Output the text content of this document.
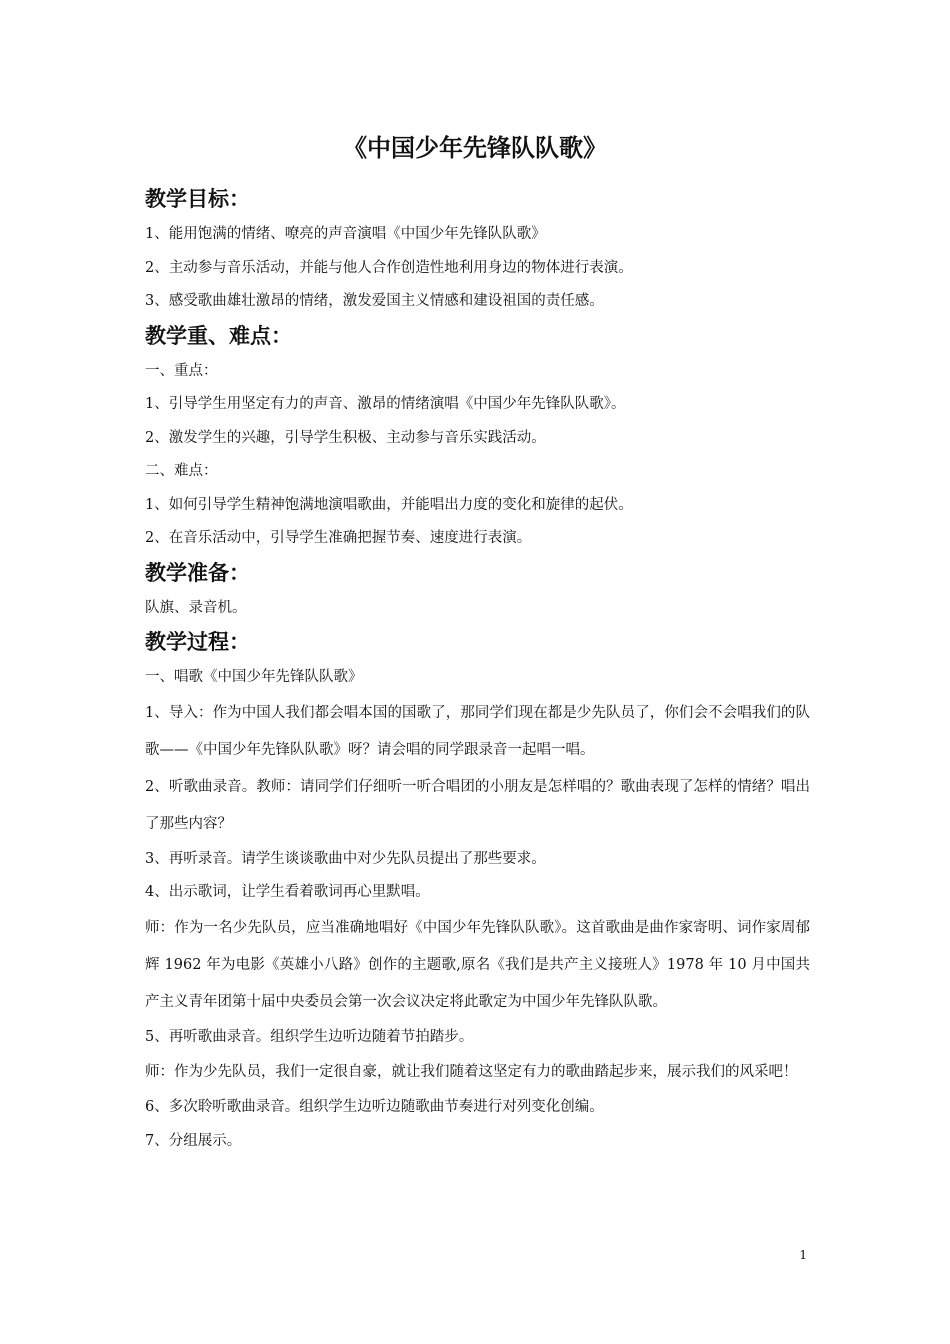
《中国少年先锋队队歌》
教学目标：

1、能用饱满的情绪、嘹亮的声音演唱《中国少年先锋队队歌》

2、主动参与音乐活动，并能与他人合作创造性地利用身边的物体进行表演。

3、感受歌曲雄壮激昂的情绪，激发爱国主义情感和建设祖国的责任感。

教学重、难点：

一、重点：

1、引导学生用坚定有力的声音、激昂的情绪演唱《中国少年先锋队队歌》。

2、激发学生的兴趣，引导学生积极、主动参与音乐实践活动。

二、难点：

1、如何引导学生精神饱满地演唱歌曲，并能唱出力度的变化和旋律的起伏。

2、在音乐活动中，引导学生准确把握节奏、速度进行表演。

教学准备：

队旗、录音机。

教学过程：

一、唱歌《中国少年先锋队队歌》

1、导入：作为中国人我们都会唱本国的国歌了，那同学们现在都是少先队员了，你们会不会唱我们的队歌——《中国少年先锋队队歌》呀？请会唱的同学跟录音一起唱一唱。

2、听歌曲录音。教师：请同学们仔细听一听合唱团的小朋友是怎样唱的？歌曲表现了怎样的情绪？唱出了那些内容？

3、再听录音。请学生谈谈歌曲中对少先队员提出了那些要求。

4、出示歌词，让学生看着歌词再心里默唱。

师：作为一名少先队员，应当准确地唱好《中国少年先锋队队歌》。这首歌曲是曲作家寄明、词作家周郁辉 1962 年为电影《英雄小八路》创作的主题歌,原名《我们是共产主义接班人》1978 年 10 月中国共产主义青年团第十届中央委员会第一次会议决定将此歌定为中国少年先锋队队歌。

5、再听歌曲录音。组织学生边听边随着节拍踏步。

师：作为少先队员，我们一定很自豪，就让我们随着这坚定有力的歌曲踏起步来，展示我们的风采吧！

6、多次聆听歌曲录音。组织学生边听边随歌曲节奏进行对列变化创编。

7、分组展示。

1
